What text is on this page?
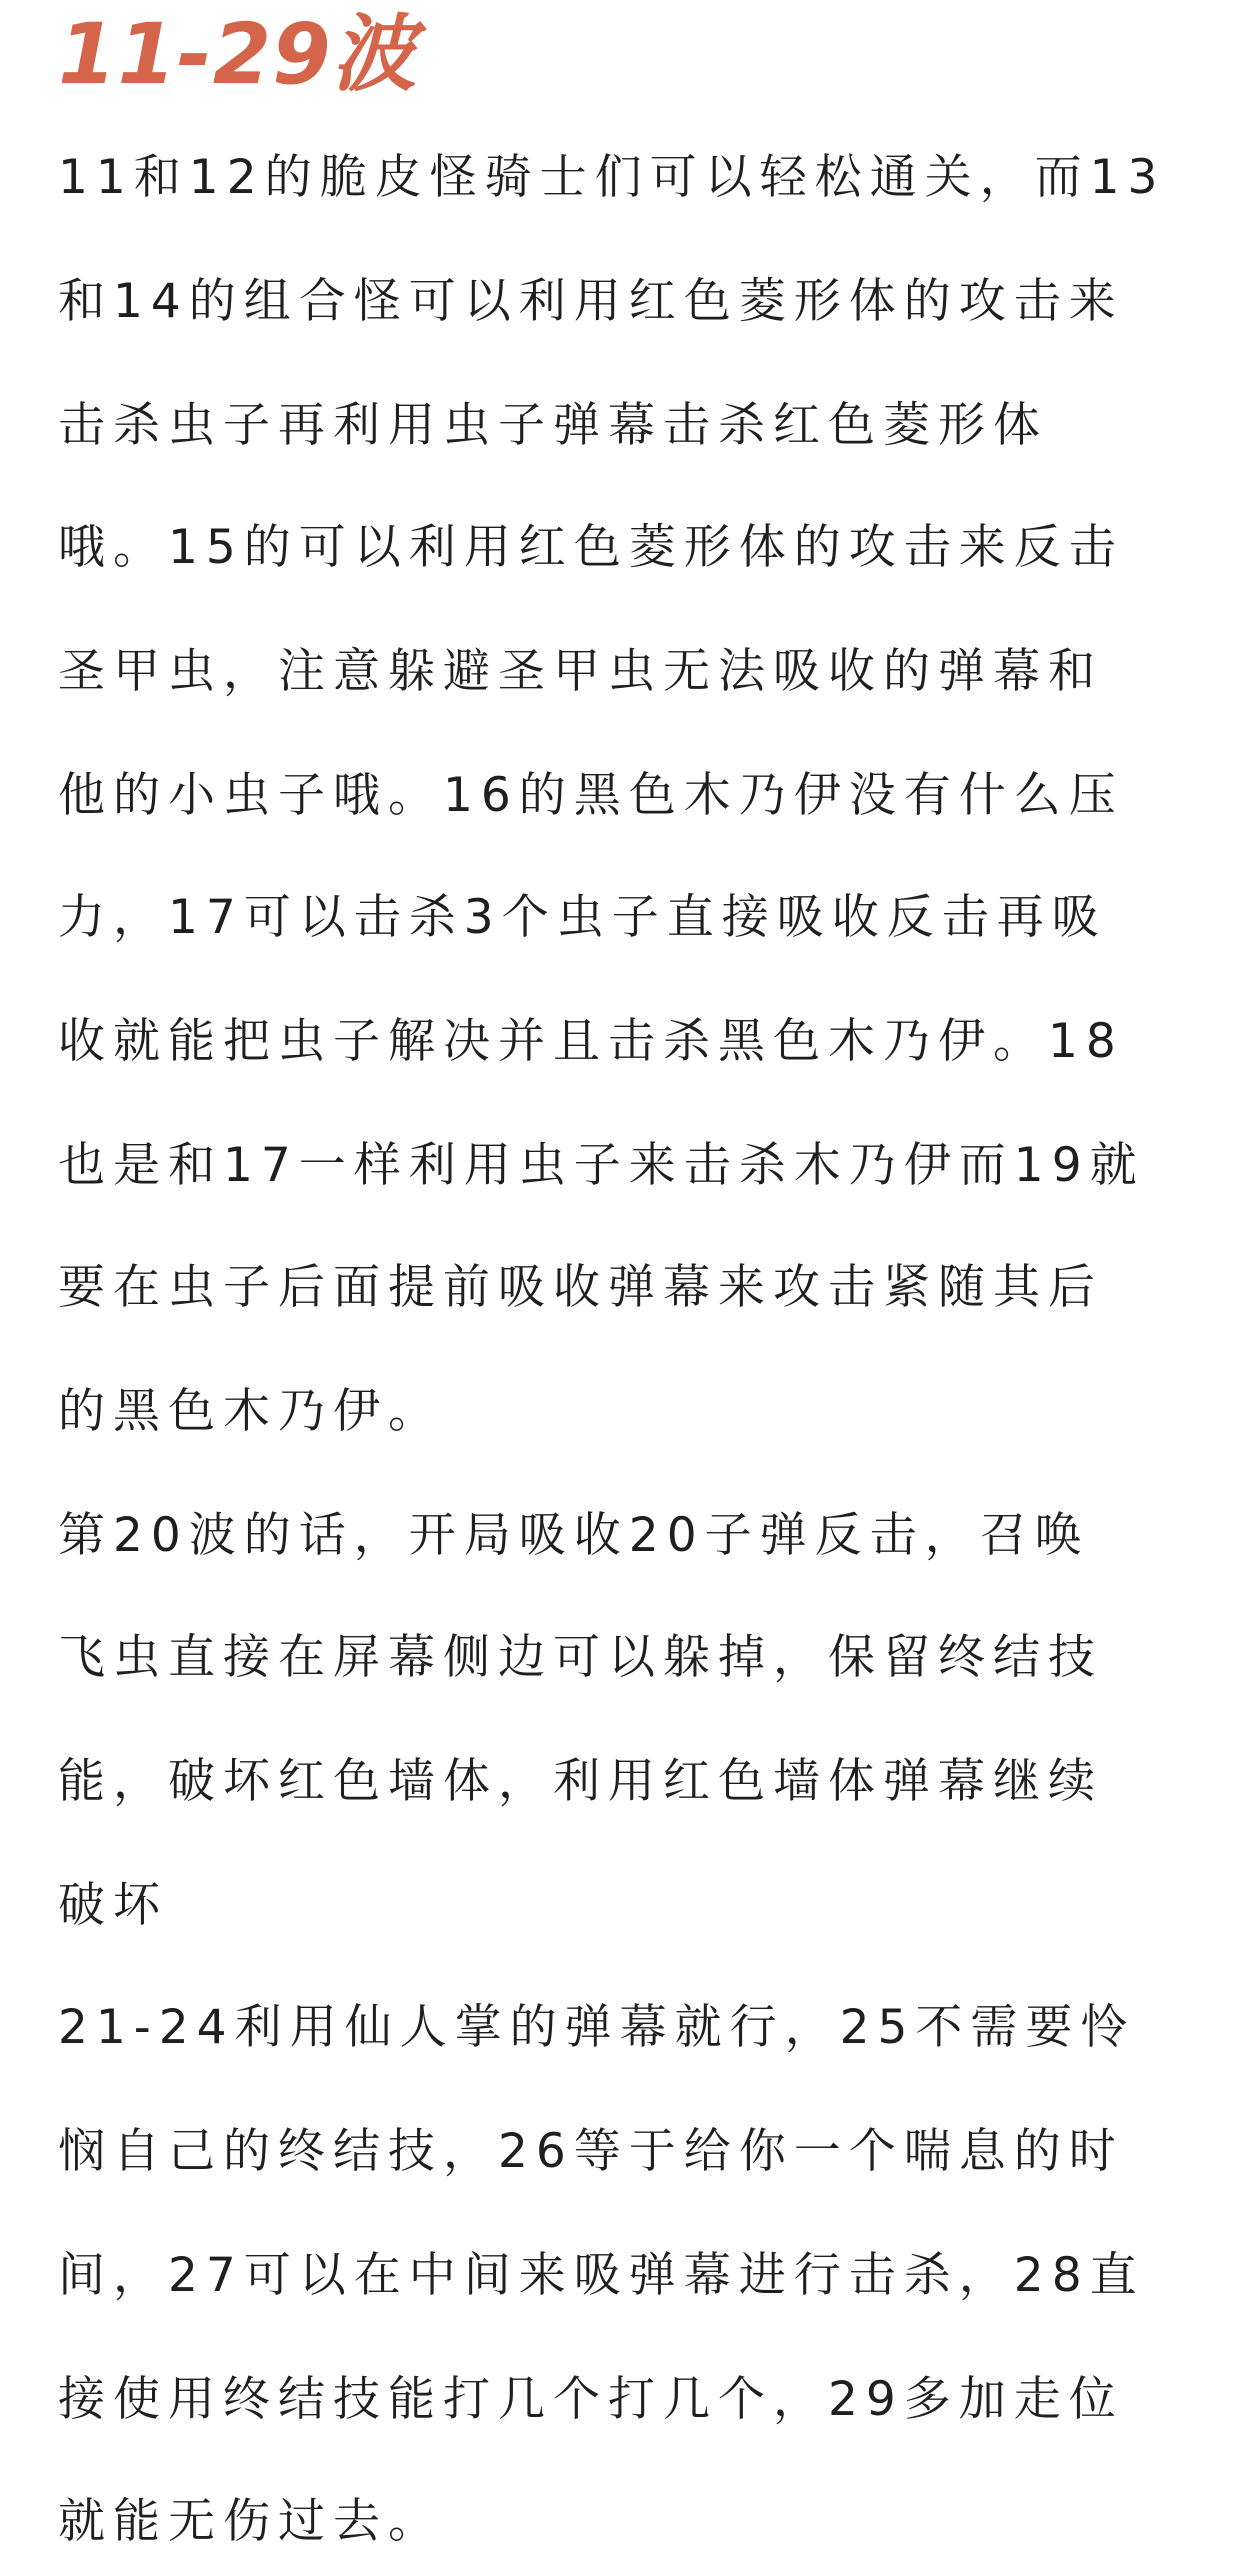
11-29波

11和12的脆皮怪骑士们可以轻松通关，而13

和14的组合怪可以利用红色菱形体的攻击来

击杀虫子再利用虫子弹幕击杀红色菱形体

哦。15的可以利用红色菱形体的攻击来反击

圣甲虫，注意躲避圣甲虫无法吸收的弹幕和

他的小虫子哦。16的黑色木乃伊没有什么压

力，17可以击杀3个虫子直接吸收反击再吸

收就能把虫子解决并且击杀黑色木乃伊。18

也是和17一样利用虫子来击杀木乃伊而19就

要在虫子后面提前吸收弹幕来攻击紧随其后

的黑色木乃伊。

第20波的话，开局吸收20子弹反击，召唤

飞虫直接在屏幕侧边可以躲掉，保留终结技

能，破坏红色墙体，利用红色墙体弹幕继续

破坏

21-24利用仙人掌的弹幕就行，25不需要怜

悯自己的终结技，26等于给你一个喘息的时

间，27可以在中间来吸弹幕进行击杀，28直

接使用终结技能打几个打几个，29多加走位

就能无伤过去。
